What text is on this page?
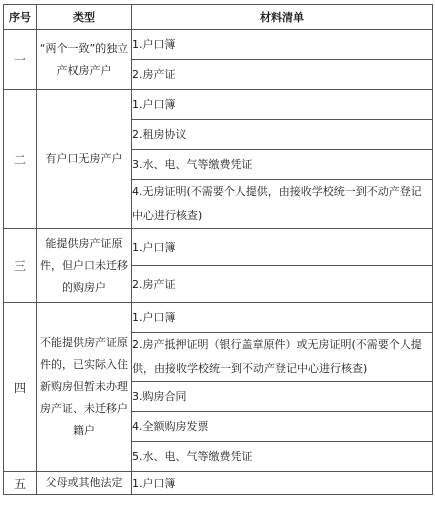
序号	类型	材料清单
一	“两个一致”的独立产权房产户	1.户口簿
		2.房产证
二	有户口无房产户	1.户口簿
		2.租房协议
		3.水、电、气等缴费凭证
		4.无房证明(不需要个人提供，由接收学校统一到不动产登记中心进行核查)
三	能提供房产证原件，但户口未迁移的购房户	1.户口簿
		2.房产证
四	不能提供房产证原件的，已实际入住新购房但暂未办理房产证、未迁移户籍户	1.户口簿
		2.房产抵押证明（银行盖章原件）或无房证明(不需要个人提供，由接收学校统一到不动产登记中心进行核查)
		3.购房合同
		4.全额购房发票
		5.水、电、气等缴费凭证
五	父母或其他法定	1.户口簿
